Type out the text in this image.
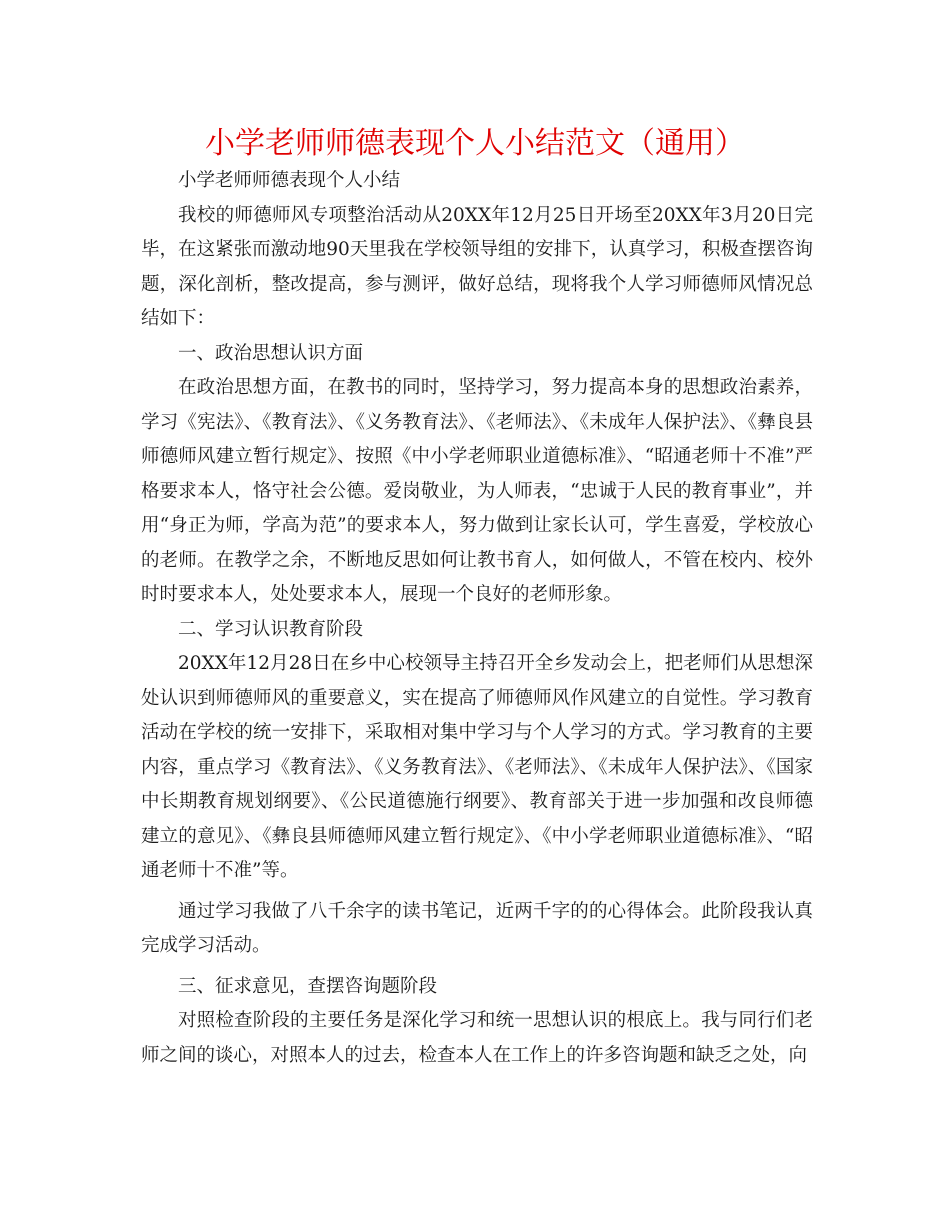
小学老师师德表现个人小结范文（通用）

小学老师师德表现个人小结

我校的师德师风专项整治活动从20XX年12月25日开场至20XX年3月20日完毕，在这紧张而激动地90天里我在学校领导组的安排下，认真学习，积极查摆咨询题，深化剖析，整改提高，参与测评，做好总结，现将我个人学习师德师风情况总结如下：

一、政治思想认识方面

在政治思想方面，在教书的同时，坚持学习，努力提高本身的思想政治素养，学习《宪法》、《教育法》、《义务教育法》、《老师法》、《未成年人保护法》、《彝良县师德师风建立暂行规定》、按照《中小学老师职业道德标准》、“昭通老师十不准”严格要求本人，恪守社会公德。爱岗敬业，为人师表，“忠诚于人民的教育事业”，并用“身正为师，学高为范”的要求本人，努力做到让家长认可，学生喜爱，学校放心的老师。在教学之余，不断地反思如何让教书育人，如何做人，不管在校内、校外时时要求本人，处处要求本人，展现一个良好的老师形象。

二、学习认识教育阶段

20XX年12月28日在乡中心校领导主持召开全乡发动会上，把老师们从思想深处认识到师德师风的重要意义，实在提高了师德师风作风建立的自觉性。学习教育活动在学校的统一安排下，采取相对集中学习与个人学习的方式。学习教育的主要内容，重点学习《教育法》、《义务教育法》、《老师法》、《未成年人保护法》、《国家中长期教育规划纲要》、《公民道德施行纲要》、教育部关于进一步加强和改良师德建立的意见》、《彝良县师德师风建立暂行规定》、《中小学老师职业道德标准》、“昭通老师十不准”等。

通过学习我做了八千余字的读书笔记，近两千字的的心得体会。此阶段我认真完成学习活动。

三、征求意见，查摆咨询题阶段

对照检查阶段的主要任务是深化学习和统一思想认识的根底上。我与同行们老师之间的谈心，对照本人的过去，检查本人在工作上的许多咨询题和缺乏之处，向
